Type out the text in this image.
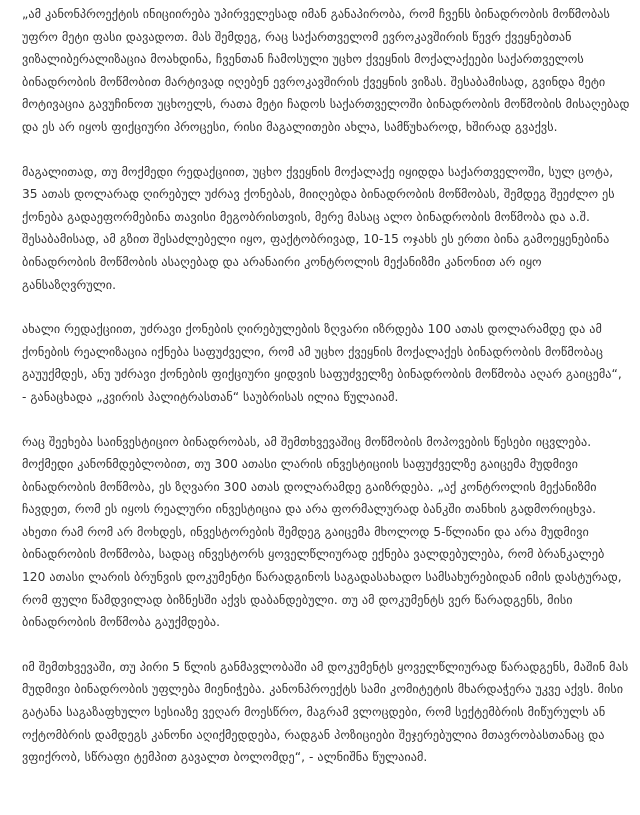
„ამ კანონპროექტის ინიციირება უპირველესად იმან განაპირობა, რომ ჩვენს ბინადრობის მოწმობას უფრო მეტი ფასი დავადოთ. მას შემდეგ, რაც საქართველომ ევროკავშირის წევრ ქვეყნებთან ვიზალიბერალიზაცია მოახდინა, ჩვენთან ჩამოსული უცხო ქვეყნის მოქალაქეები საქართველოს ბინადრობის მოწმობით მარტივად იღებენ ევროკავშირის ქვეყნის ვიზას. შესაბამისად, გვინდა მეტი მოტივაცია გავუჩინოთ უცხოელს, რათა მეტი ჩადოს საქართველოში ბინადრობის მოწმობის მისაღებად და ეს არ იყოს ფიქციური პროცესი, რისი მაგალითები ახლა, სამწუხაროდ, ხშირად გვაქვს.

მაგალითად, თუ მოქმედი რედაქციით, უცხო ქვეყნის მოქალაქე იყიდდა საქართველოში, სულ ცოტა, 35 ათას დოლარად ღირებულ უძრავ ქონებას, მიიღებდა ბინადრობის მოწმობას, შემდეგ შეეძლო ეს ქონება გადაეფორმებინა თავისი მეგობრისთვის, მერე მასაც ალო ბინადრობის მოწმობა და ა.შ. შესაბამისად, ამ გზით შესაძლებელი იყო, ფაქტობრივად, 10-15 ოჯახს ეს ერთი ბინა გამოეყენებინა ბინადრობის მოწმობის ასაღებად და არანაირი კონტროლის მექანიზმი კანონით არ იყო განსაზღვრული.

ახალი რედაქციით, უძრავი ქონების ღირებულების ზღვარი იზრდება 100 ათას დოლარამდე და ამ ქონების რეალიზაცია იქნება საფუძველი, რომ ამ უცხო ქვეყნის მოქალაქეს ბინადრობის მოწმობაც გაუუქმდეს, ანუ უძრავი ქონების ფიქციური ყიდვის საფუძველზე ბინადრობის მოწმობა აღარ გაიცემა“, - განაცხადა „კვირის პალიტრასთან“ საუბრისას ილია წულაიამ.

რაც შეეხება საინვესტიციო ბინადრობას, ამ შემთხვევაშიც მოწმობის მოპოვების წესები იცვლება. მოქმედი კანონმდებლობით, თუ 300 ათასი ლარის ინვესტიციის საფუძველზე გაიცემა მუდმივი ბინადრობის მოწმობა, ეს ზღვარი 300 ათას დოლარამდე გაიზრდება. „აქ კონტროლის მექანიზმი ჩავდეთ, რომ ეს იყოს რეალური ინვესტიცია და არა ფორმალურად ბანკში თანხის გადმორიცხვა. ახეთი რამ რომ არ მოხდეს, ინვესტორების შემდეგ გაიცემა მხოლოდ 5-წლიანი და არა მუდმივი ბინადრობის მოწმობა, სადაც ინვესტორს ყოველწლიურად ექნება ვალდებულება, რომ ბრანკალებ 120 ათასი ლარის ბრუნვის დოკუმენტი წარადგინოს საგადასახადო სამსახურებიდან იმის დასტურად, რომ ფული წამდვილად ბიზნესში აქვს დაბანდებული. თუ ამ დოკუმენტს ვერ წარადგენს, მისი ბინადრობის მოწმობა გაუქმდება.

იმ შემთხვევაში, თუ პირი 5 წლის განმავლობაში ამ დოკუმენტს ყოველწლიურად წარადგენს, მაშინ მას მუდმივი ბინადრობის უფლება მიენიჭება. კანონპროექტს სამი კომიტეტის მხარდაჭერა უკვე აქვს. მისი გატანა საგაზაფხულო სესიაზე ვეღარ მოესწრო, მაგრამ ვლოცდები, რომ სექტემბრის მიწურულს ან ოქტომბრის დამდეგს კანონი აღიქმედდება, რადგან პოზიციები შეჯერებულია მთავრობასთანაც და ვფიქრობ, სწრაფი ტემპით გავალთ ბოლომდე“, - ალნიშნა წულაიამ.
